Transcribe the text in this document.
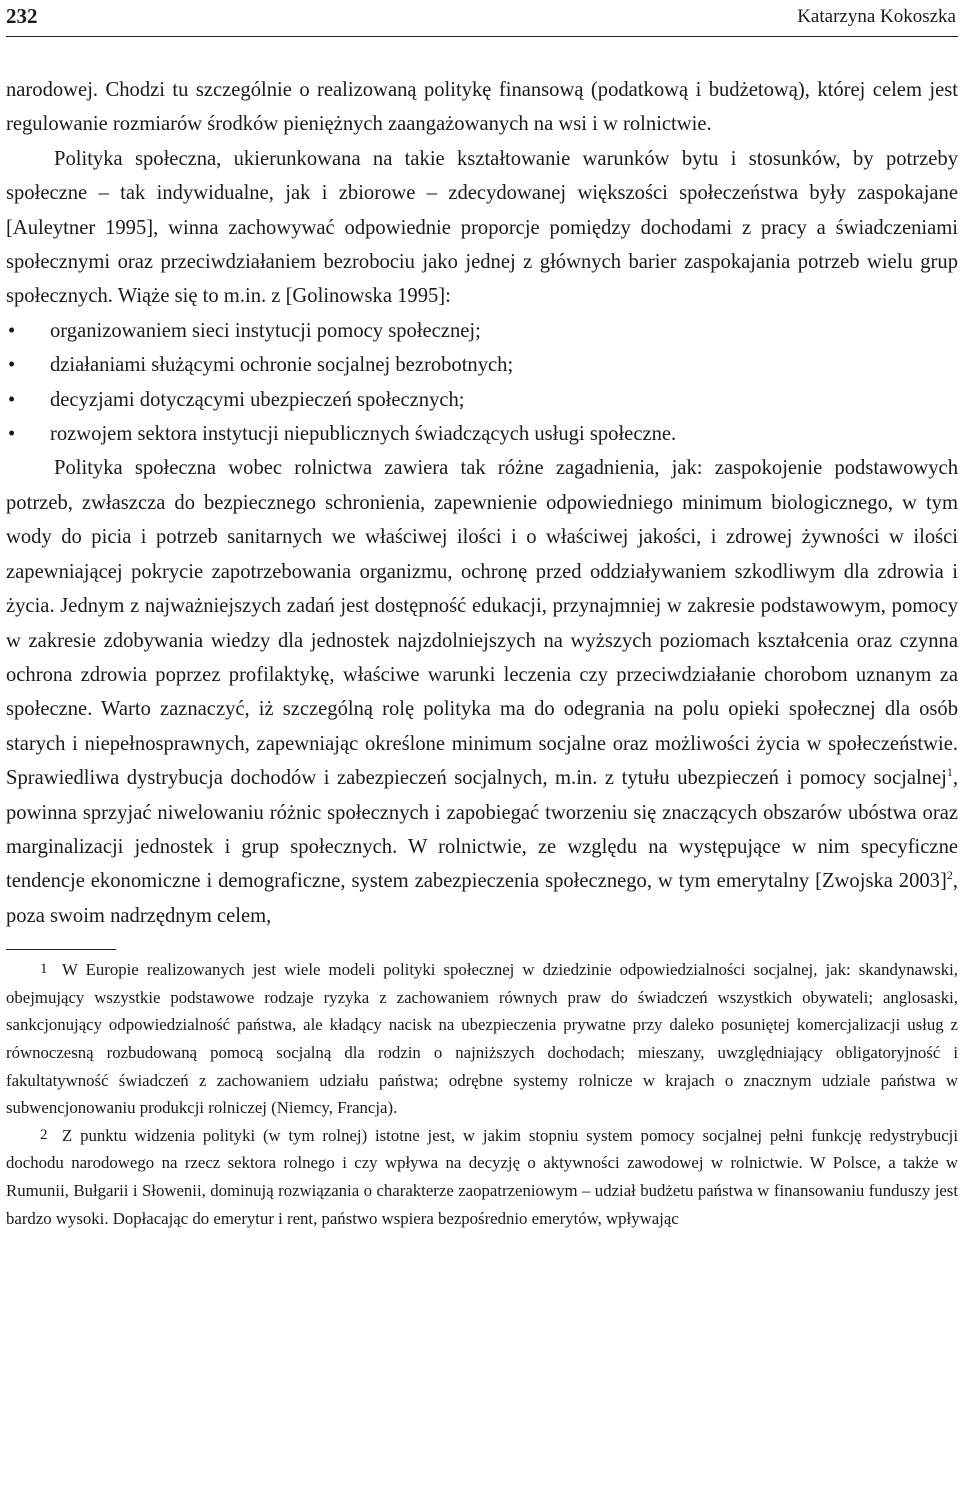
232	Katarzyna Kokoszka

narodowej. Chodzi tu szczególnie o realizowaną politykę finansową (podatkową i budżetową), której celem jest regulowanie rozmiarów środków pieniężnych zaangażowanych na wsi i w rolnictwie.

Polityka społeczna, ukierunkowana na takie kształtowanie warunków bytu i stosunków, by potrzeby społeczne – tak indywidualne, jak i zbiorowe – zdecydowanej większości społeczeństwa były zaspokajane [Auleytner 1995], winna zachowywać odpowiednie proporcje pomiędzy dochodami z pracy a świadczeniami społecznymi oraz przeciwdziałaniem bezrobociu jako jednej z głównych barier zaspokajania potrzeb wielu grup społecznych. Wiąże się to m.in. z [Golinowska 1995]:

• organizowaniem sieci instytucji pomocy społecznej;
• działaniami służącymi ochronie socjalnej bezrobotnych;
• decyzjami dotyczącymi ubezpieczeń społecznych;
• rozwojem sektora instytucji niepublicznych świadczących usługi społeczne.

Polityka społeczna wobec rolnictwa zawiera tak różne zagadnienia, jak: zaspokojenie podstawowych potrzeb, zwłaszcza do bezpiecznego schronienia, zapewnienie odpowiedniego minimum biologicznego, w tym wody do picia i potrzeb sanitarnych we właściwej ilości i o właściwej jakości, i zdrowej żywności w ilości zapewniającej pokrycie zapotrzebowania organizmu, ochronę przed oddziaływaniem szkodliwym dla zdrowia i życia. Jednym z najważniejszych zadań jest dostępność edukacji, przynajmniej w zakresie podstawowym, pomocy w zakresie zdobywania wiedzy dla jednostek najzdolniejszych na wyższych poziomach kształcenia oraz czynna ochrona zdrowia poprzez profilaktykę, właściwe warunki leczenia czy przeciwdziałanie chorobom uznanym za społeczne. Warto zaznaczyć, iż szczególną rolę polityka ma do odegrania na polu opieki społecznej dla osób starych i niepełnosprawnych, zapewniając określone minimum socjalne oraz możliwości życia w społeczeństwie. Sprawiedliwa dystrybucja dochodów i zabezpieczeń socjalnych, m.in. z tytułu ubezpieczeń i pomocy socjalnej$^1$, powinna sprzyjać niwelowaniu różnic społecznych i zapobiegać tworzeniu się znaczących obszarów ubóstwa oraz marginalizacji jednostek i grup społecznych. W rolnictwie, ze względu na występujące w nim specyficzne tendencje ekonomiczne i demograficzne, system zabezpieczenia społecznego, w tym emerytalny [Zwojska 2003]$^2$, poza swoim nadrzędnym celem,

1 W Europie realizowanych jest wiele modeli polityki społecznej w dziedzinie odpowiedzialności socjalnej, jak: skandynawski, obejmujący wszystkie podstawowe rodzaje ryzyka z zachowaniem równych praw do świadczeń wszystkich obywateli; anglosaski, sankcjonujący odpowiedzialność państwa, ale kładący nacisk na ubezpieczenia prywatne przy daleko posuniętej komercjalizacji usług z równoczesną rozbudowaną pomocą socjalną dla rodzin o najniższych dochodach; mieszany, uwzględniający obligatoryjność i fakultatywność świadczeń z zachowaniem udziału państwa; odrębne systemy rolnicze w krajach o znacznym udziale państwa w subwencjonowaniu produkcji rolniczej (Niemcy, Francja).

2 Z punktu widzenia polityki (w tym rolnej) istotne jest, w jakim stopniu system pomocy socjalnej pełni funkcję redystrybucji dochodu narodowego na rzecz sektora rolnego i czy wpływa na decyzję o aktywności zawodowej w rolnictwie. W Polsce, a także w Rumunii, Bułgarii i Słowenii, dominują rozwiązania o charakterze zaopatrzeniowym – udział budżetu państwa w finansowaniu funduszy jest bardzo wysoki. Dopłacając do emerytur i rent, państwo wspiera bezpośrednio emerytów, wpływając
